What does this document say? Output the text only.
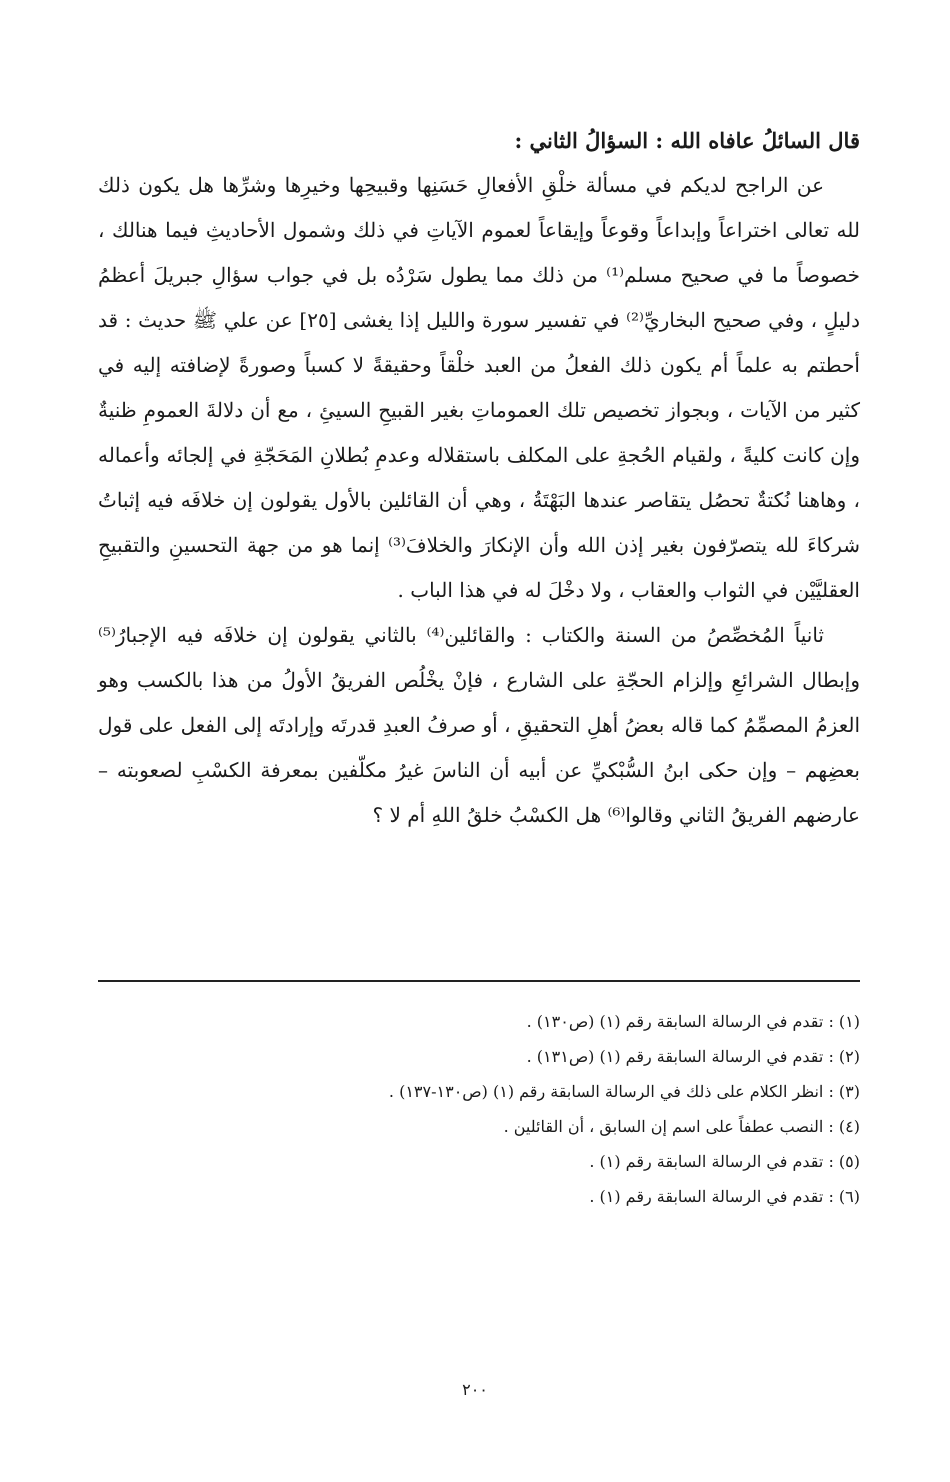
قال السائلُ عافاه الله : السؤالُ الثاني :

عن الراجح لديكم في مسألة خلْقِ الأفعالِ حَسَنِها وقبيحِها وخيرِها وشرِّها هل يكون ذلك لله تعالى اختراعاً وإبداعاً وقوعاً وإيقاعاً لعموم الآياتِ في ذلك وشمول الأحاديثِ فيما هنالك ، خصوصاً ما في صحيح مسلم⁽¹⁾ من ذلك مما يطول سَرْدُه بل في جواب سؤالِ جبريلَ أعظمُ دليلٍ ، وفي صحيح البخاريِّ⁽²⁾ في تفسير سورة والليل إذا يغشى [٢٥] عن علي ﷺ حديث : قد أحطتم به علماً أم يكون ذلك الفعلُ من العبد خلْقاً وحقيقةً لا كسباً وصورةً لإضافته إليه في كثير من الآيات ، وبجواز تخصيص تلك العموماتِ بغير القبيحِ السيئِ ، مع أن دلالةَ العمومِ ظنيةٌ وإن كانت كليةً ، ولقيام الحُجةِ على المكلف باستقلاله وعدمِ بُطلانِ المَحَجّةِ في إلجائه وأعماله ، وهاهنا نُكتةٌ تحصُل يتقاصر عندها البَهْتَةُ ، وهي أن القائلين بالأول يقولون إن خلافَه فيه إثباتُ شركاءَ لله يتصرّفون بغير إذن الله وأن الإنكارَ والخلافَ⁽³⁾ إنما هو من جهة التحسينِ والتقبيحِ العقليَّيْن في الثواب والعقاب ، ولا دخْلَ له في هذا الباب .

ثانياً المُخصِّصُ من السنة والكتاب : والقائلين⁽⁴⁾ بالثاني يقولون إن خلافَه فيه الإجبارُ⁽⁵⁾ وإبطال الشرائعِ وإلزام الحجّةِ على الشارع ، فإنْ يخْلُص الفريقُ الأولُ من هذا بالكسب وهو العزمُ المصمِّمُ كما قاله بعضُ أهلِ التحقيقِ ، أو صرفُ العبدِ قدرتَه وإرادتَه إلى الفعل على قول بعضِهم – وإن حكى ابنُ السُّبْكيِّ عن أبيه أن الناسَ غيرُ مكلّفين بمعرفة الكسْبِ لصعوبته – عارضهم الفريقُ الثاني وقالوا⁽⁶⁾ هل الكسْبُ خلقُ اللهِ أم لا ؟

(١) : تقدم في الرسالة السابقة رقم (١) (ص١٣٠) .
(٢) : تقدم في الرسالة السابقة رقم (١) (ص١٣١) .
(٣) : انظر الكلام على ذلك في الرسالة السابقة رقم (١) (ص١٣٠-١٣٧) .
(٤) : النصب عطفاً على اسم إن السابق ، أن القائلين .
(٥) : تقدم في الرسالة السابقة رقم (١) .
(٦) : تقدم في الرسالة السابقة رقم (١) .
٢٠٠
